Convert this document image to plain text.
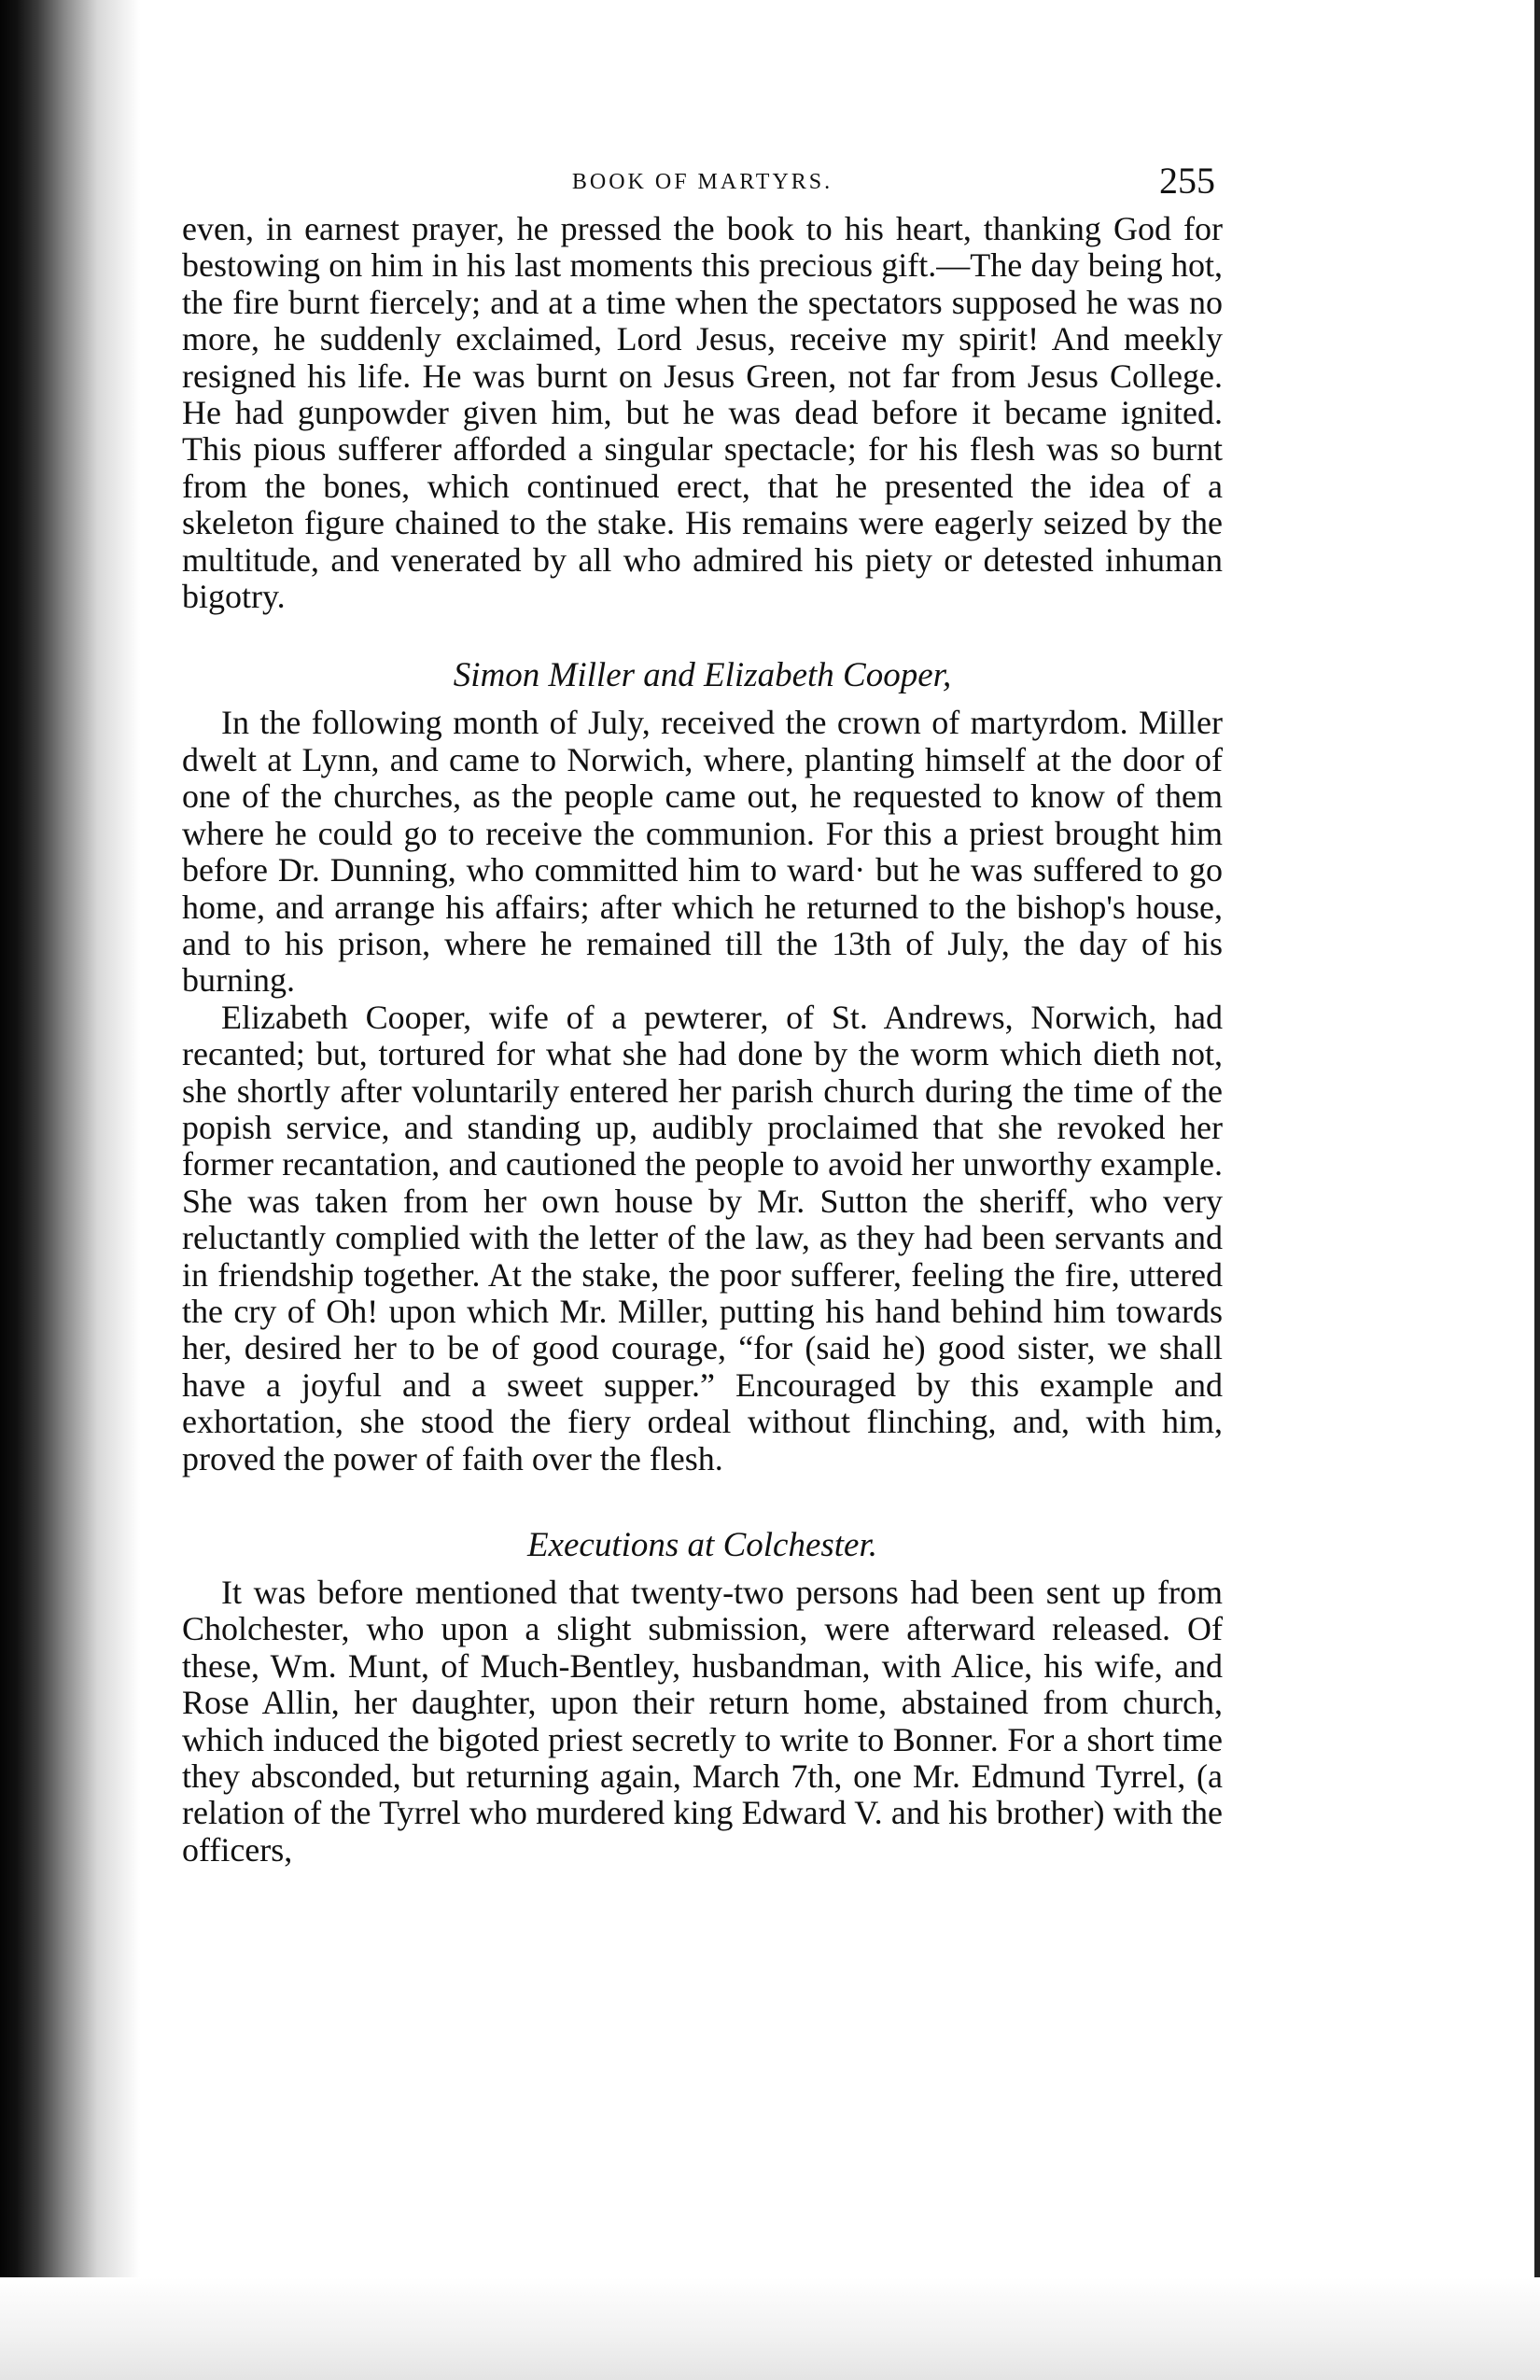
BOOK OF MARTYRS.	255

even, in earnest prayer, he pressed the book to his heart, thanking God for bestowing on him in his last moments this precious gift.—The day being hot, the fire burnt fiercely; and at a time when the spectators supposed he was no more, he suddenly exclaimed, Lord Jesus, receive my spirit! And meekly resigned his life. He was burnt on Jesus Green, not far from Jesus College. He had gunpowder given him, but he was dead before it became ignited. This pious sufferer afforded a singular spectacle; for his flesh was so burnt from the bones, which continued erect, that he presented the idea of a skeleton figure chained to the stake. His remains were eagerly seized by the multitude, and venerated by all who admired his piety or detested inhuman bigotry.

Simon Miller and Elizabeth Cooper,

In the following month of July, received the crown of martyrdom. Miller dwelt at Lynn, and came to Norwich, where, planting himself at the door of one of the churches, as the people came out, he requested to know of them where he could go to receive the communion. For this a priest brought him before Dr. Dunning, who committed him to ward· but he was suffered to go home, and arrange his affairs; after which he returned to the bishop's house, and to his prison, where he remained till the 13th of July, the day of his burning.

Elizabeth Cooper, wife of a pewterer, of St. Andrews, Norwich, had recanted; but, tortured for what she had done by the worm which dieth not, she shortly after voluntarily entered her parish church during the time of the popish service, and standing up, audibly proclaimed that she revoked her former recantation, and cautioned the people to avoid her unworthy example. She was taken from her own house by Mr. Sutton the sheriff, who very reluctantly complied with the letter of the law, as they had been servants and in friendship together. At the stake, the poor sufferer, feeling the fire, uttered the cry of Oh! upon which Mr. Miller, putting his hand behind him towards her, desired her to be of good courage, “for (said he) good sister, we shall have a joyful and a sweet supper.” Encouraged by this example and exhortation, she stood the fiery ordeal without flinching, and, with him, proved the power of faith over the flesh.

Executions at Colchester.

It was before mentioned that twenty-two persons had been sent up from Cholchester, who upon a slight submission, were afterward released. Of these, Wm. Munt, of Much-Bentley, husbandman, with Alice, his wife, and Rose Allin, her daughter, upon their return home, abstained from church, which induced the bigoted priest secretly to write to Bonner. For a short time they absconded, but returning again, March 7th, one Mr. Edmund Tyrrel, (a relation of the Tyrrel who murdered king Edward V. and his brother) with the officers,
